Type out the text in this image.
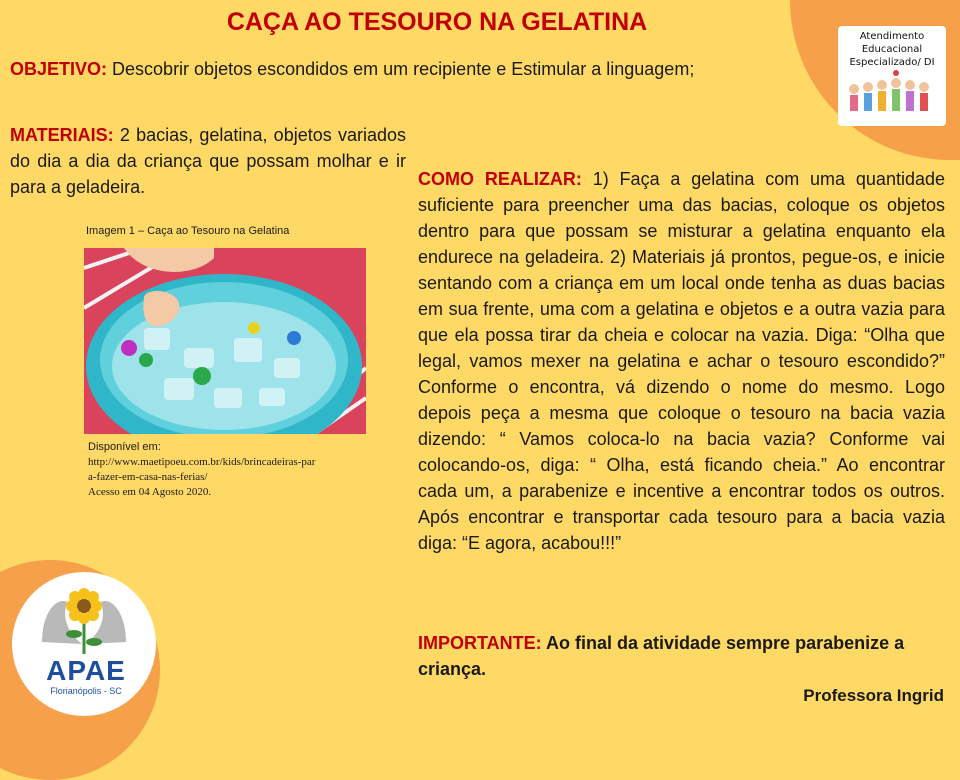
CAÇA AO TESOURO NA GELATINA

OBJETIVO: Descobrir objetos escondidos em um recipiente e Estimular a linguagem;

MATERIAIS: 2 bacias, gelatina, objetos variados do dia a dia da criança que possam molhar e ir para a geladeira.

Imagem 1 – Caça ao Tesouro na Gelatina
Disponível em:
http://www.maetipoeu.com.br/kids/brincadeiras-para-fazer-em-casa-nas-ferias/
Acesso em 04 Agosto 2020.

COMO REALIZAR: 1) Faça a gelatina com uma quantidade suficiente para preencher uma das bacias, coloque os objetos dentro para que possam se misturar a gelatina enquanto ela endurece na geladeira. 2) Materiais já prontos, pegue-os, e inicie sentando com a criança em um local onde tenha as duas bacias em sua frente, uma com a gelatina e objetos e a outra vazia para que ela possa tirar da cheia e colocar na vazia. Diga: “Olha que legal, vamos mexer na gelatina e achar o tesouro escondido?” Conforme o encontra, vá dizendo o nome do mesmo. Logo depois peça a mesma que coloque o tesouro na bacia vazia dizendo: “ Vamos coloca-lo na bacia vazia? Conforme vai colocando-os, diga: “ Olha, está ficando cheia.” Ao encontrar cada um, a parabenize e incentive a encontrar todos os outros. Após encontrar e transportar cada tesouro para a bacia vazia diga: “E agora, acabou!!!”

IMPORTANTE: Ao final da atividade sempre parabenize a criança.

Atendimento
Educacional
Especializado/ DI
APAE
Florianópolis - SC	Professora Ingrid
